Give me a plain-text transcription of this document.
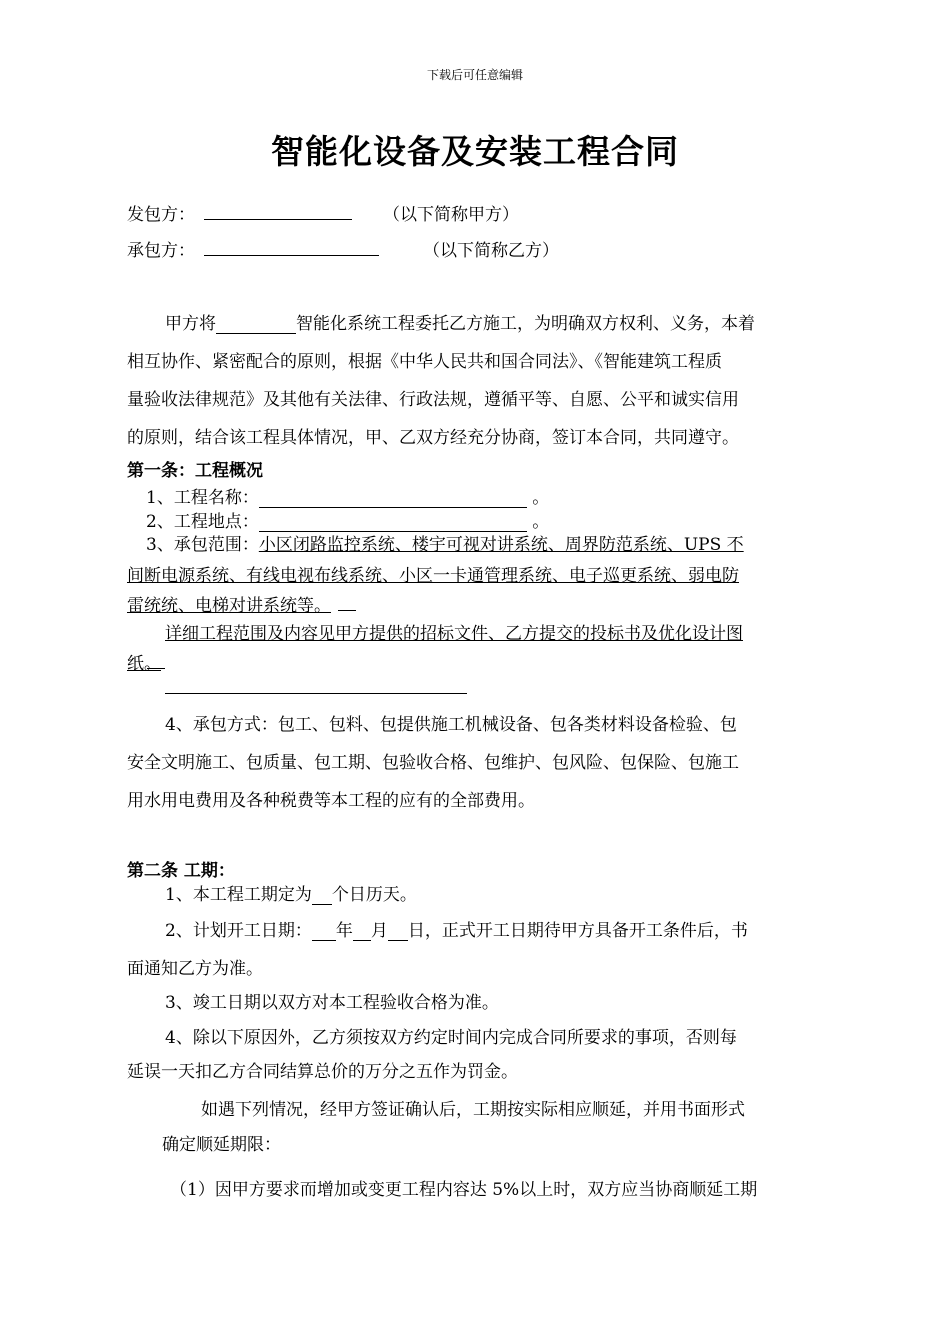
下载后可任意编辑
智能化设备及安装工程合同
发包方：	（以下简称甲方）
承包方：	（以下简称乙方）
甲方将	智能化系统工程委托乙方施工，为明确双方权利、义务，本着
相互协作、紧密配合的原则，根据《中华人民共和国合同法》、《智能建筑工程质
量验收法律规范》及其他有关法律、行政法规，遵循平等、自愿、公平和诚实信用
的原则，结合该工程具体情况，甲、乙双方经充分协商，签订本合同，共同遵守。
第一条：工程概况
1、工程名称：	。
2、工程地点：	。
3、承包范围：小区闭路监控系统、楼宇可视对讲系统、周界防范系统、UPS 不
间断电源系统、有线电视布线系统、小区一卡通管理系统、电子巡更系统、弱电防
雷统统、电梯对讲系统等。
详细工程范围及内容见甲方提供的招标文件、乙方提交的投标书及优化设计图
纸。
4、承包方式：包工、包料、包提供施工机械设备、包各类材料设备检验、包
安全文明施工、包质量、包工期、包验收合格、包维护、包风险、包保险、包施工
用水用电费用及各种税费等本工程的应有的全部费用。
第二条 工期：
1、本工程工期定为 个日历天。
2、计划开工日期： 年 月 日，正式开工日期待甲方具备开工条件后，书
面通知乙方为准。
3、竣工日期以双方对本工程验收合格为准。
4、除以下原因外，乙方须按双方约定时间内完成合同所要求的事项，否则每
延误一天扣乙方合同结算总价的万分之五作为罚金。
如遇下列情况，经甲方签证确认后，工期按实际相应顺延，并用书面形式
确定顺延期限：
（1）因甲方要求而增加或变更工程内容达 5%以上时，双方应当协商顺延工期
